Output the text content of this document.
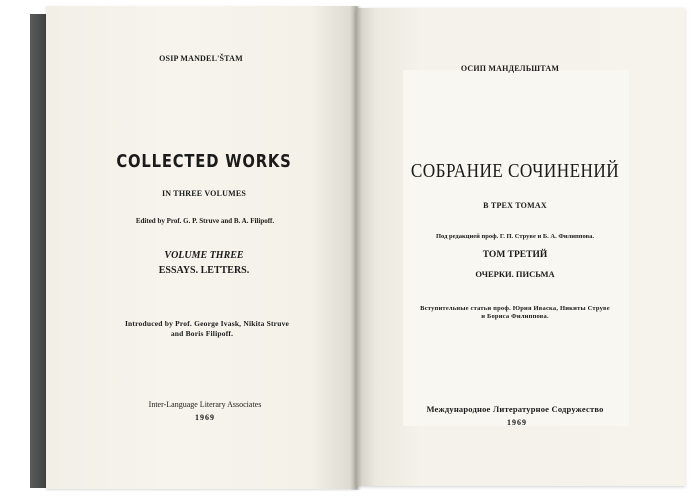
OSIP MANDEL'ŠTAM
COLLECTED WORKS
IN THREE VOLUMES
Edited by Prof. G. P. Struve and B. A. Filipoff.
VOLUME THREE
ESSAYS. LETTERS.
Introduced by Prof. George Ivask, Nikita Struve
and Boris Filipoff.
Inter-Language Literary Associates
1969
ОСИП МАНДЕЛЬШТАМ
СОБРАНИЕ СОЧИНЕНИЙ
В ТРЕХ ТОМАХ
Под редакцией проф. Г. П. Струве и Б. А. Филиппова.
ТОМ ТРЕТИЙ
ОЧЕРКИ. ПИСЬМА
Вступительные статьи проф. Юрия Иваска, Никиты Струве
и Бориса Филиппова.
Международное Литературное Содружество
1969
